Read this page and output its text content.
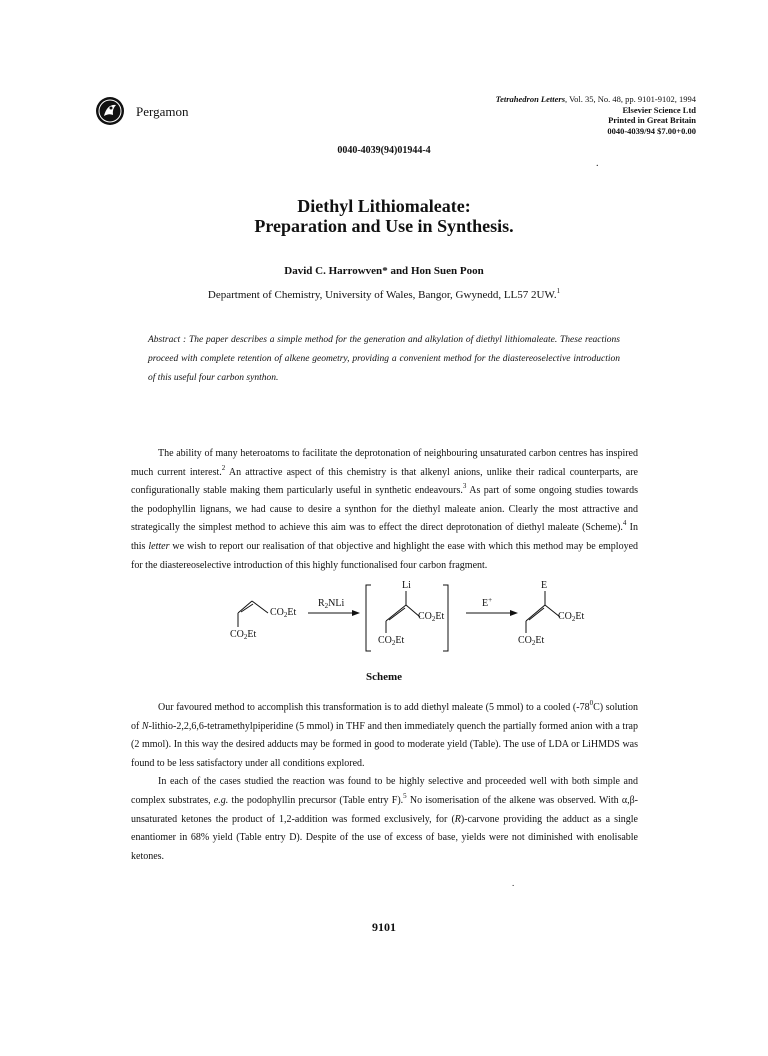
Pergamon
Tetrahedron Letters, Vol. 35, No. 48, pp. 9101-9102, 1994
Elsevier Science Ltd
Printed in Great Britain
0040-4039/94 $7.00+0.00
0040-4039(94)01944-4
.
Diethyl Lithiomaleate:
Preparation and Use in Synthesis.
David C. Harrowven* and Hon Suen Poon
Department of Chemistry, University of Wales, Bangor, Gwynedd, LL57 2UW.$^1$
Abstract : The paper describes a simple method for the generation and alkylation of diethyl lithiomaleate. These reactions proceed with complete retention of alkene geometry, providing a convenient method for the diastereoselective introduction of this useful four carbon synthon.

The ability of many heteroatoms to facilitate the deprotonation of neighbouring unsaturated carbon centres has inspired much current interest.$^2$ An attractive aspect of this chemistry is that alkenyl anions, unlike their radical counterparts, are configurationally stable making them particularly useful in synthetic endeavours.$^3$ As part of some ongoing studies towards the podophyllin lignans, we had cause to desire a synthon for the diethyl maleate anion. Clearly the most attractive and strategically the simplest method to achieve this aim was to effect the direct deprotonation of diethyl maleate (Scheme).$^4$ In this letter we wish to report our realisation of that objective and highlight the ease with which this method may be employed for the diastereoselective introduction of this highly functionalised four carbon fragment.

$CO_2Et$
$CO_2Et$
$R_2NLi$
Li
$CO_2Et$
$CO_2Et$
E+
E
$CO_2Et$
$CO_2Et$
Scheme

Our favoured method to accomplish this transformation is to add diethyl maleate (5 mmol) to a cooled $(-78^0C)$ solution of N-lithio-2,2,6,6-tetramethylpiperidine (5 mmol) in THF and then immediately quench the partially formed anion with a trap (2 mmol). In this way the desired adducts may be formed in good to moderate yield (Table). The use of LDA or LiHMDS was found to be less satisfactory under all conditions explored.

In each of the cases studied the reaction was found to be highly selective and proceeded well with both simple and complex substrates, e.g. the podophyllin precursor (Table entry F).$^5$ No isomerisation of the alkene was observed. With α,β-unsaturated ketones the product of 1,2-addition was formed exclusively, for (R)-carvone providing the adduct as a single enantiomer in 68% yield (Table entry D). Despite of the use of excess of base, yields were not diminished with enolisable ketones.

.
9101
